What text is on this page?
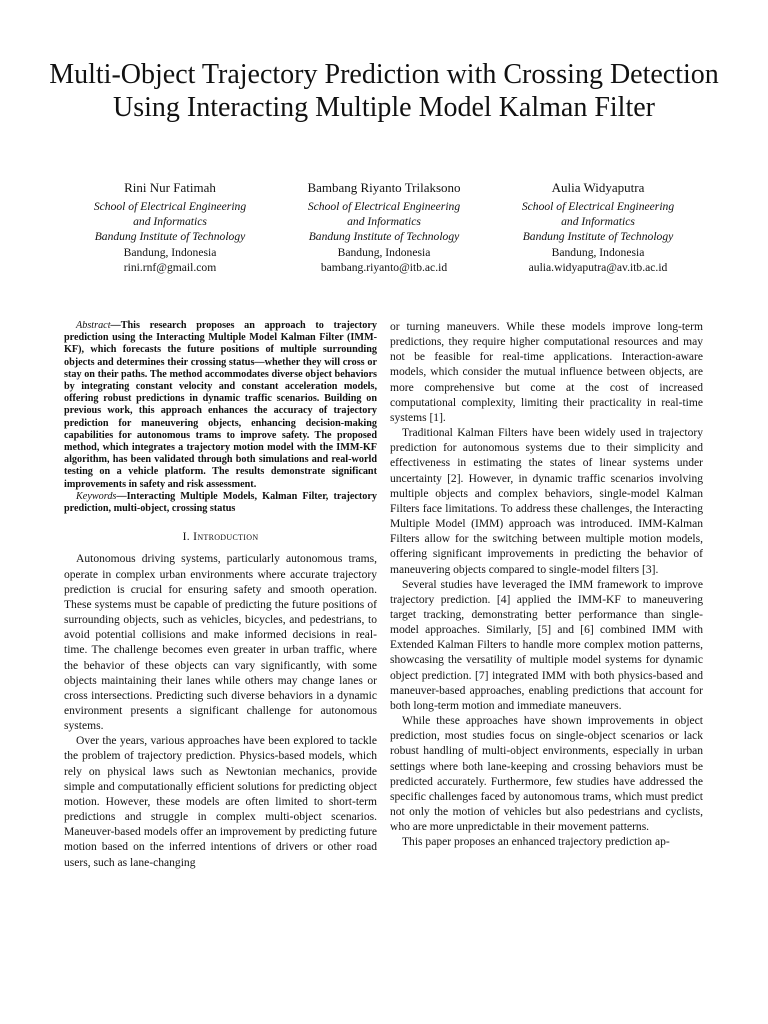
Multi-Object Trajectory Prediction with Crossing Detection Using Interacting Multiple Model Kalman Filter
Rini Nur Fatimah
School of Electrical Engineering
and Informatics
Bandung Institute of Technology
Bandung, Indonesia
rini.rnf@gmail.com
Bambang Riyanto Trilaksono
School of Electrical Engineering
and Informatics
Bandung Institute of Technology
Bandung, Indonesia
bambang.riyanto@itb.ac.id
Aulia Widyaputra
School of Electrical Engineering
and Informatics
Bandung Institute of Technology
Bandung, Indonesia
aulia.widyaputra@av.itb.ac.id

Abstract—This research proposes an approach to trajectory prediction using the Interacting Multiple Model Kalman Filter (IMM-KF), which forecasts the future positions of multiple surrounding objects and determines their crossing status—whether they will cross or stay on their paths. The method accommodates diverse object behaviors by integrating constant velocity and constant acceleration models, offering robust predictions in dynamic traffic scenarios. Building on previous work, this approach enhances the accuracy of trajectory prediction for maneuvering objects, enhancing decision-making capabilities for autonomous trams to improve safety. The proposed method, which integrates a trajectory motion model with the IMM-KF algorithm, has been validated through both simulations and real-world testing on a vehicle platform. The results demonstrate significant improvements in safety and risk assessment.

Keywords—Interacting Multiple Models, Kalman Filter, trajectory prediction, multi-object, crossing status

I. Introduction

Autonomous driving systems, particularly autonomous trams, operate in complex urban environments where accurate trajectory prediction is crucial for ensuring safety and smooth operation. These systems must be capable of predicting the future positions of surrounding objects, such as vehicles, bicycles, and pedestrians, to avoid potential collisions and make informed decisions in real-time. The challenge becomes even greater in urban traffic, where the behavior of these objects can vary significantly, with some objects maintaining their lanes while others may change lanes or cross intersections. Predicting such diverse behaviors in a dynamic environment presents a significant challenge for autonomous systems.

Over the years, various approaches have been explored to tackle the problem of trajectory prediction. Physics-based models, which rely on physical laws such as Newtonian mechanics, provide simple and computationally efficient solutions for predicting object motion. However, these models are often limited to short-term predictions and struggle in complex multi-object scenarios. Maneuver-based models offer an improvement by predicting future motion based on the inferred intentions of drivers or other road users, such as lane-changing

or turning maneuvers. While these models improve long-term predictions, they require higher computational resources and may not be feasible for real-time applications. Interaction-aware models, which consider the mutual influence between objects, are more comprehensive but come at the cost of increased computational complexity, limiting their practicality in real-time systems [1].

Traditional Kalman Filters have been widely used in trajectory prediction for autonomous systems due to their simplicity and effectiveness in estimating the states of linear systems under uncertainty [2]. However, in dynamic traffic scenarios involving multiple objects and complex behaviors, single-model Kalman Filters face limitations. To address these challenges, the Interacting Multiple Model (IMM) approach was introduced. IMM-Kalman Filters allow for the switching between multiple motion models, offering significant improvements in predicting the behavior of maneuvering objects compared to single-model filters [3].

Several studies have leveraged the IMM framework to improve trajectory prediction. [4] applied the IMM-KF to maneuvering target tracking, demonstrating better performance than single-model approaches. Similarly, [5] and [6] combined IMM with Extended Kalman Filters to handle more complex motion patterns, showcasing the versatility of multiple model systems for dynamic object prediction. [7] integrated IMM with both physics-based and maneuver-based approaches, enabling predictions that account for both long-term motion and immediate maneuvers.

While these approaches have shown improvements in object prediction, most studies focus on single-object scenarios or lack robust handling of multi-object environments, especially in urban settings where both lane-keeping and crossing behaviors must be predicted accurately. Furthermore, few studies have addressed the specific challenges faced by autonomous trams, which must predict not only the motion of vehicles but also pedestrians and cyclists, who are more unpredictable in their movement patterns.

This paper proposes an enhanced trajectory prediction ap-
